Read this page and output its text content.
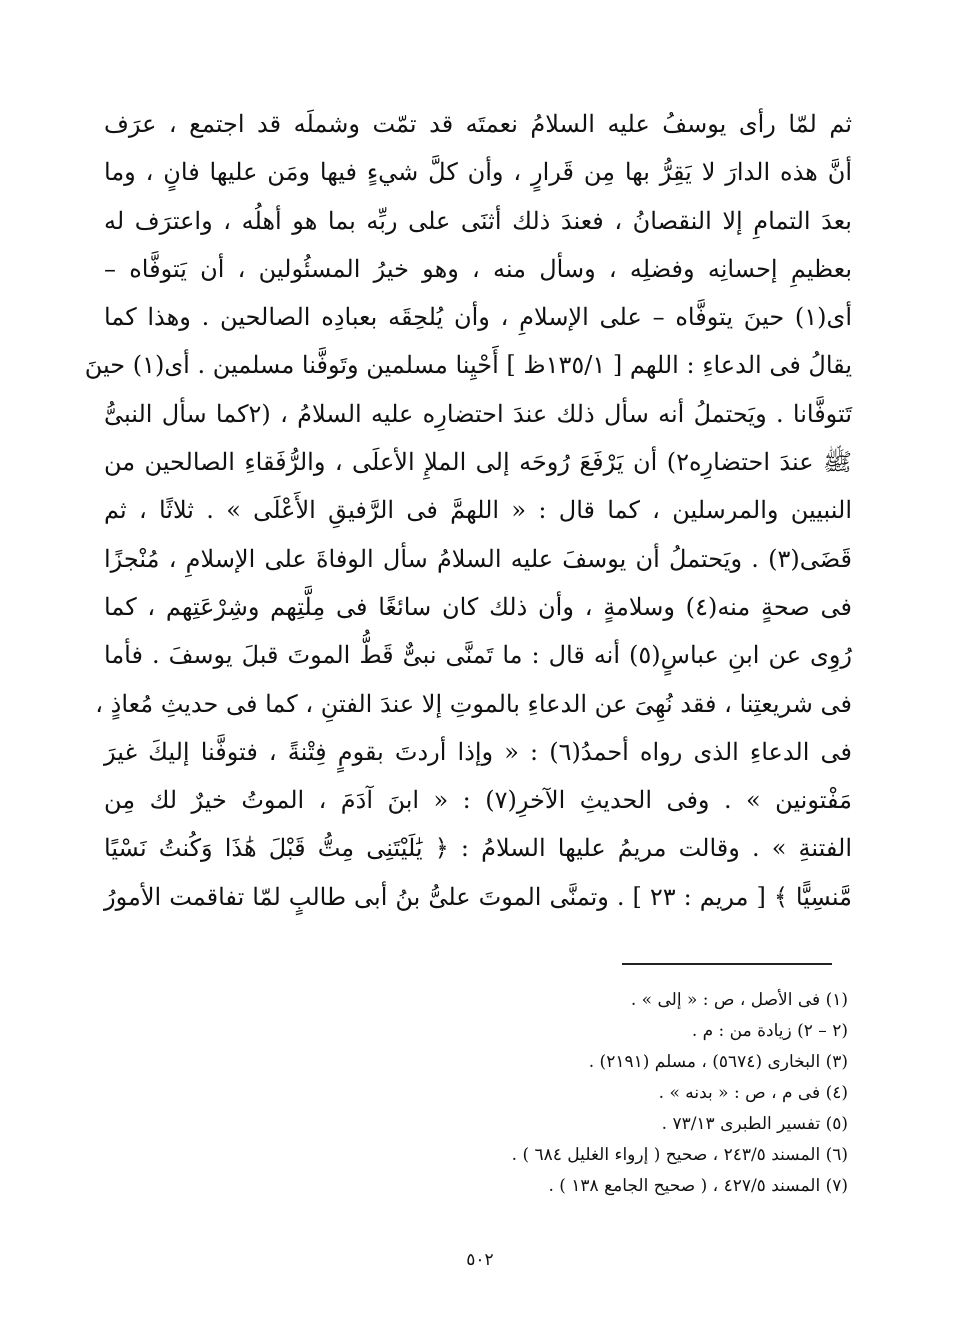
ثم لمّا رأى يوسفُ عليه السلامُ نعمتَه قد تمّت وشملَه قد اجتمع ، عرَف
أنَّ هذه الدارَ لا يَقِرُّ بها مِن قَرارٍ ، وأن كلَّ شيءٍ فيها ومَن عليها فانٍ ، وما
بعدَ التمامِ إلا النقصانُ ، فعندَ ذلك أثنَى على ربِّه بما هو أهلُه ، واعترَف له
بعظيمِ إحسانِه وفضلِه ، وسأل منه ، وهو خيرُ المسئُولين ، أن يَتوفَّاه –
أى(١) حينَ يتوفَّاه – على الإسلامِ ، وأن يُلحِقَه بعبادِه الصالحين . وهذا كما
يقالُ فى الدعاءِ : اللهم [ ١٣٥/١ظ ] أَحْيِنا مسلمين وتَوفَّنا مسلمين . أى(١) حينَ
تَتوفَّانا . ويَحتملُ أنه سأل ذلك عندَ احتضارِه عليه السلامُ ، (٢كما سأل النبىُّ
ﷺ عندَ احتضارِه٢) أن يَرْفَعَ رُوحَه إلى الملإِ الأعلَى ، والرُّفَقاءِ الصالحين من
النبيين والمرسلين ، كما قال : « اللهمَّ فى الرَّفيقِ الأَعْلَى » . ثلاثًا ، ثم
قَضَى(٣) . ويَحتملُ أن يوسفَ عليه السلامُ سأل الوفاةَ على الإسلامِ ، مُنْجزًا
فى صحةٍ منه(٤) وسلامةٍ ، وأن ذلك كان سائغًا فى مِلَّتِهم وشِرْعَتِهم ، كما
رُوِى عن ابنِ عباسٍ(٥) أنه قال : ما تَمنَّى نبىٌّ قَطُّ الموتَ قبلَ يوسفَ . فأما
فى شريعتِنا ، فقد نُهِىَ عن الدعاءِ بالموتِ إلا عندَ الفتنِ ، كما فى حديثِ مُعاذٍ ،
فى الدعاءِ الذى رواه أحمدُ(٦) : « وإذا أردتَ بقومٍ فِتْنةً ، فتوفَّنا إليكَ غيرَ
مَفْتونين » . وفى الحديثِ الآخرِ(٧) : « ابنَ آدَمَ ، الموتُ خيرٌ لك مِن
الفتنةِ » . وقالت مريمُ عليها السلامُ : ﴿ يَٰلَيْتَنِى مِتُّ قَبْلَ هَٰذَا وَكُنتُ نَسْيًا
مَّنسِيًّا ﴾ [ مريم : ٢٣ ] . وتمنَّى الموتَ علىُّ بنُ أبى طالبٍ لمّا تفاقمت الأمورُ
(١) فى الأصل ، ص : « إلى » .
(٢ – ٢) زيادة من : م .
(٣) البخارى (٥٦٧٤) ، مسلم (٢١٩١) .
(٤) فى م ، ص : « بدنه » .
(٥) تفسير الطبرى ٧٣/١٣ .
(٦) المسند ٢٤٣/٥ ، صحيح ( إرواء الغليل ٦٨٤ ) .
(٧) المسند ٤٢٧/٥ ، ( صحيح الجامع ١٣٨ ) .
٥٠٢
